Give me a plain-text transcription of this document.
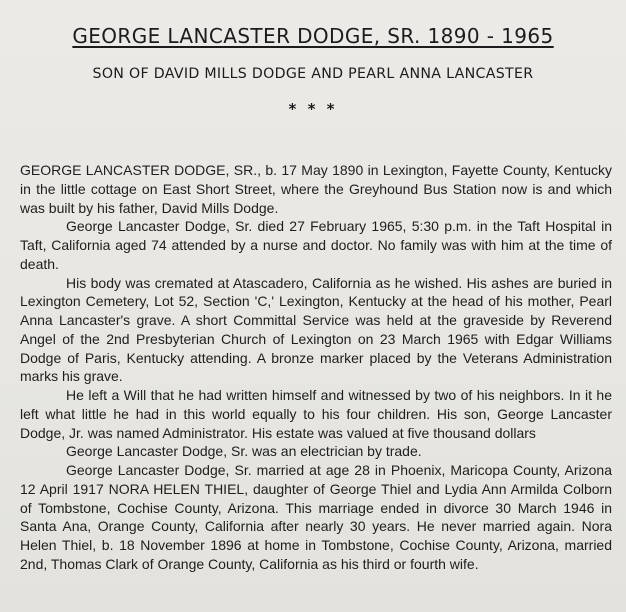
GEORGE LANCASTER DODGE, SR. 1890 - 1965
SON OF DAVID MILLS DODGE AND PEARL ANNA LANCASTER
* * *

GEORGE LANCASTER DODGE, SR., b. 17 May 1890 in Lexington, Fayette County, Kentucky in the little cottage on East Short Street, where the Greyhound Bus Station now is and which was built by his father, David Mills Dodge.

George Lancaster Dodge, Sr. died 27 February 1965, 5:30 p.m. in the Taft Hospital in Taft, California aged 74 attended by a nurse and doctor. No family was with him at the time of death.

His body was cremated at Atascadero, California as he wished. His ashes are buried in Lexington Cemetery, Lot 52, Section 'C,' Lexington, Kentucky at the head of his mother, Pearl Anna Lancaster's grave. A short Committal Service was held at the graveside by Reverend Angel of the 2nd Presbyterian Church of Lexington on 23 March 1965 with Edgar Williams Dodge of Paris, Kentucky attending. A bronze marker placed by the Veterans Administration marks his grave.

He left a Will that he had written himself and witnessed by two of his neighbors. In it he left what little he had in this world equally to his four children. His son, George Lancaster Dodge, Jr. was named Administrator. His estate was valued at five thousand dollars

George Lancaster Dodge, Sr. was an electrician by trade.

George Lancaster Dodge, Sr. married at age 28 in Phoenix, Maricopa County, Arizona 12 April 1917 NORA HELEN THIEL, daughter of George Thiel and Lydia Ann Armilda Colborn of Tombstone, Cochise County, Arizona. This marriage ended in divorce 30 March 1946 in Santa Ana, Orange County, California after nearly 30 years. He never married again. Nora Helen Thiel, b. 18 November 1896 at home in Tombstone, Cochise County, Arizona, married 2nd, Thomas Clark of Orange County, California as his third or fourth wife.
